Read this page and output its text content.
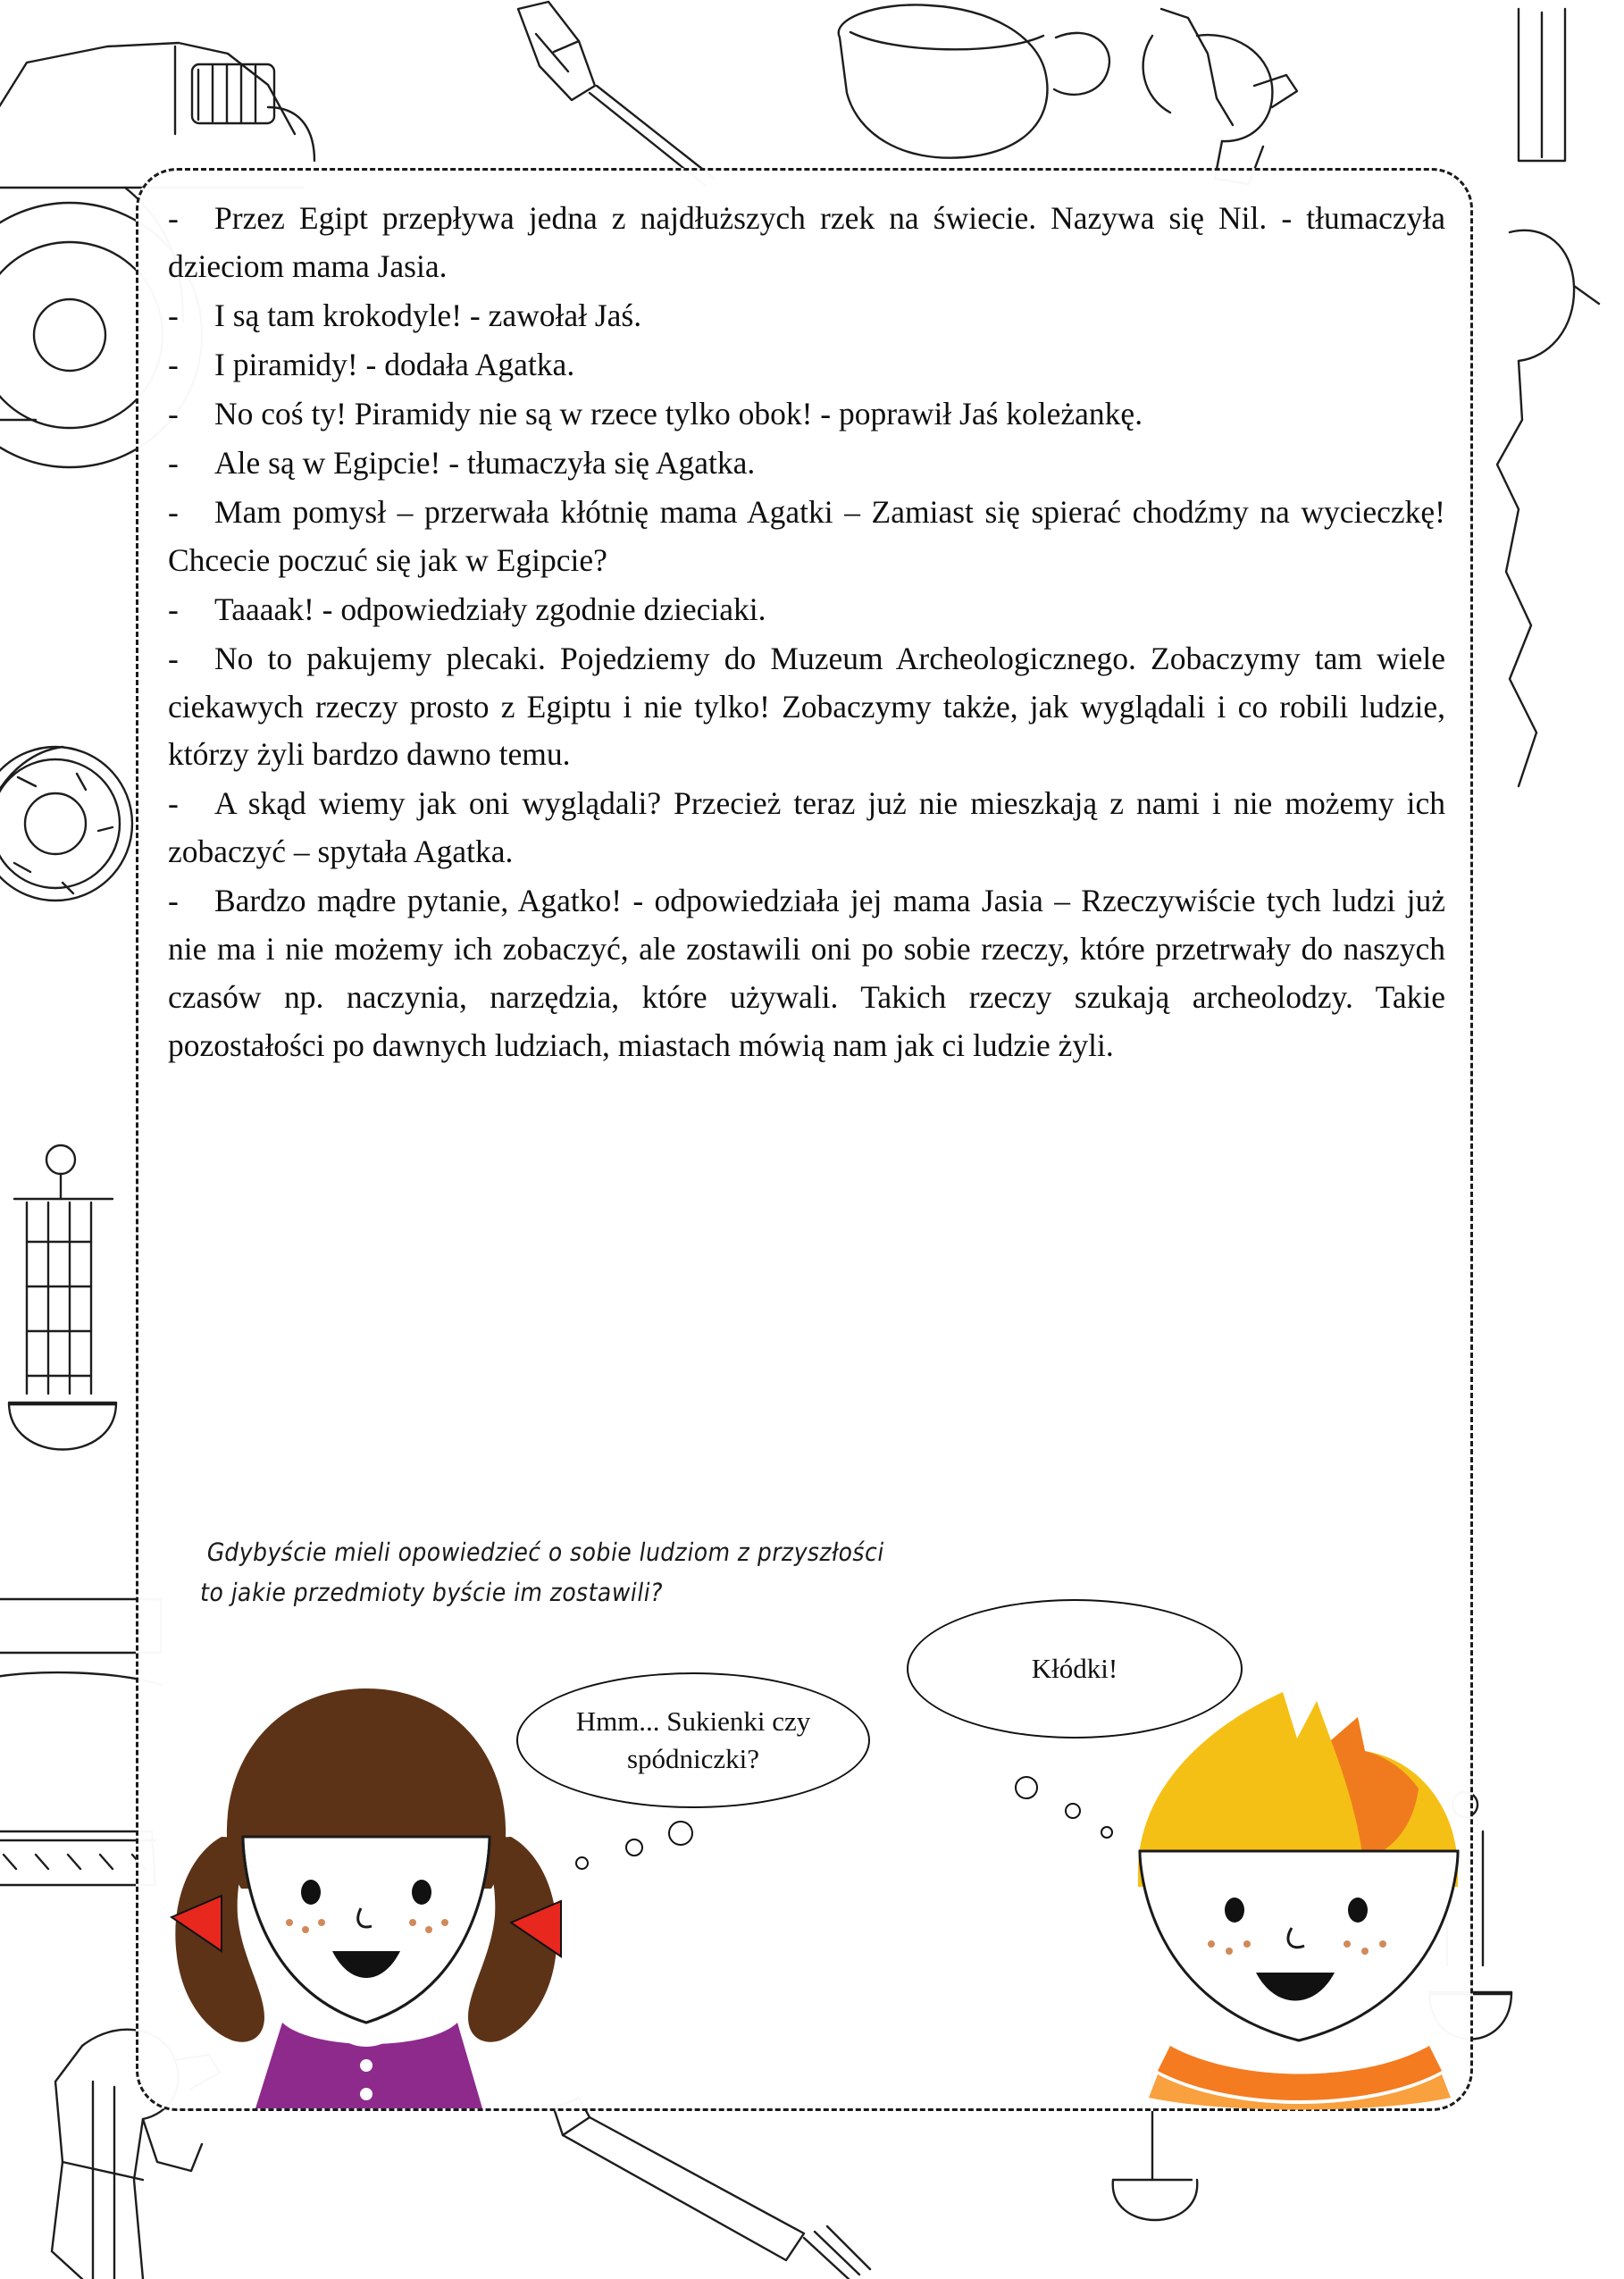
- Przez Egipt przepływa jedna z najdłuższych rzek na świecie. Nazywa się Nil. - tłumaczyła dzieciom mama Jasia.

- I są tam krokodyle! - zawołał Jaś.

- I piramidy! - dodała Agatka.

- No coś ty! Piramidy nie są w rzece tylko obok! - poprawił Jaś koleżankę.

- Ale są w Egipcie! - tłumaczyła się Agatka.

- Mam pomysł – przerwała kłótnię mama Agatki – Zamiast się spierać chodźmy na wycieczkę! Chcecie poczuć się jak w Egipcie?

- Taaaak! - odpowiedziały zgodnie dzieciaki.

- No to pakujemy plecaki. Pojedziemy do Muzeum Archeologicznego. Zobaczymy tam wiele ciekawych rzeczy prosto z Egiptu i nie tylko! Zobaczymy także, jak wyglądali i co robili ludzie, którzy żyli bardzo dawno temu.

- A skąd wiemy jak oni wyglądali? Przecież teraz już nie mieszkają z nami i nie możemy ich zobaczyć – spytała Agatka.

- Bardzo mądre pytanie, Agatko! - odpowiedziała jej mama Jasia – Rzeczywiście tych ludzi już nie ma i nie możemy ich zobaczyć, ale zostawili oni po sobie rzeczy, które przetrwały do naszych czasów np. naczynia, narzędzia, które używali. Takich rzeczy szukają archeolodzy. Takie pozostałości po dawnych ludziach, miastach mówią nam jak ci ludzie żyli.

Gdybyście mieli opowiedzieć o sobie ludziom z przyszłości
to jakie przedmioty byście im zostawili?
Hmm... Sukienki czy spódniczki?
Kłódki!
